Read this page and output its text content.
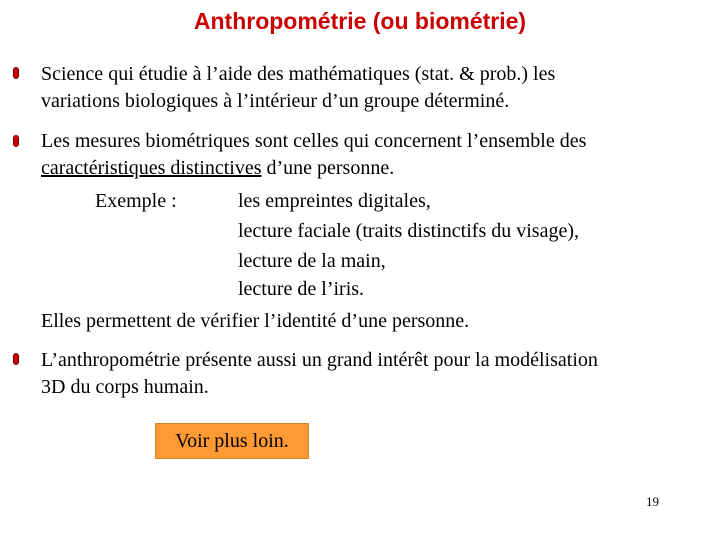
Anthropométrie (ou biométrie)
Science qui étudie à l’aide des mathématiques (stat. & prob.) les
variations biologiques à l’intérieur d’un groupe déterminé.
Les mesures biométriques sont celles qui concernent l’ensemble des
caractéristiques distinctives d’une personne.
Exemple :	les empreintes digitales,
lecture faciale (traits distinctifs du visage),
lecture de la main,
lecture de l’iris.
Elles permettent de vérifier l’identité d’une personne.
L’anthropométrie présente aussi un grand intérêt pour la modélisation
3D du corps humain.
Voir plus loin.
19
